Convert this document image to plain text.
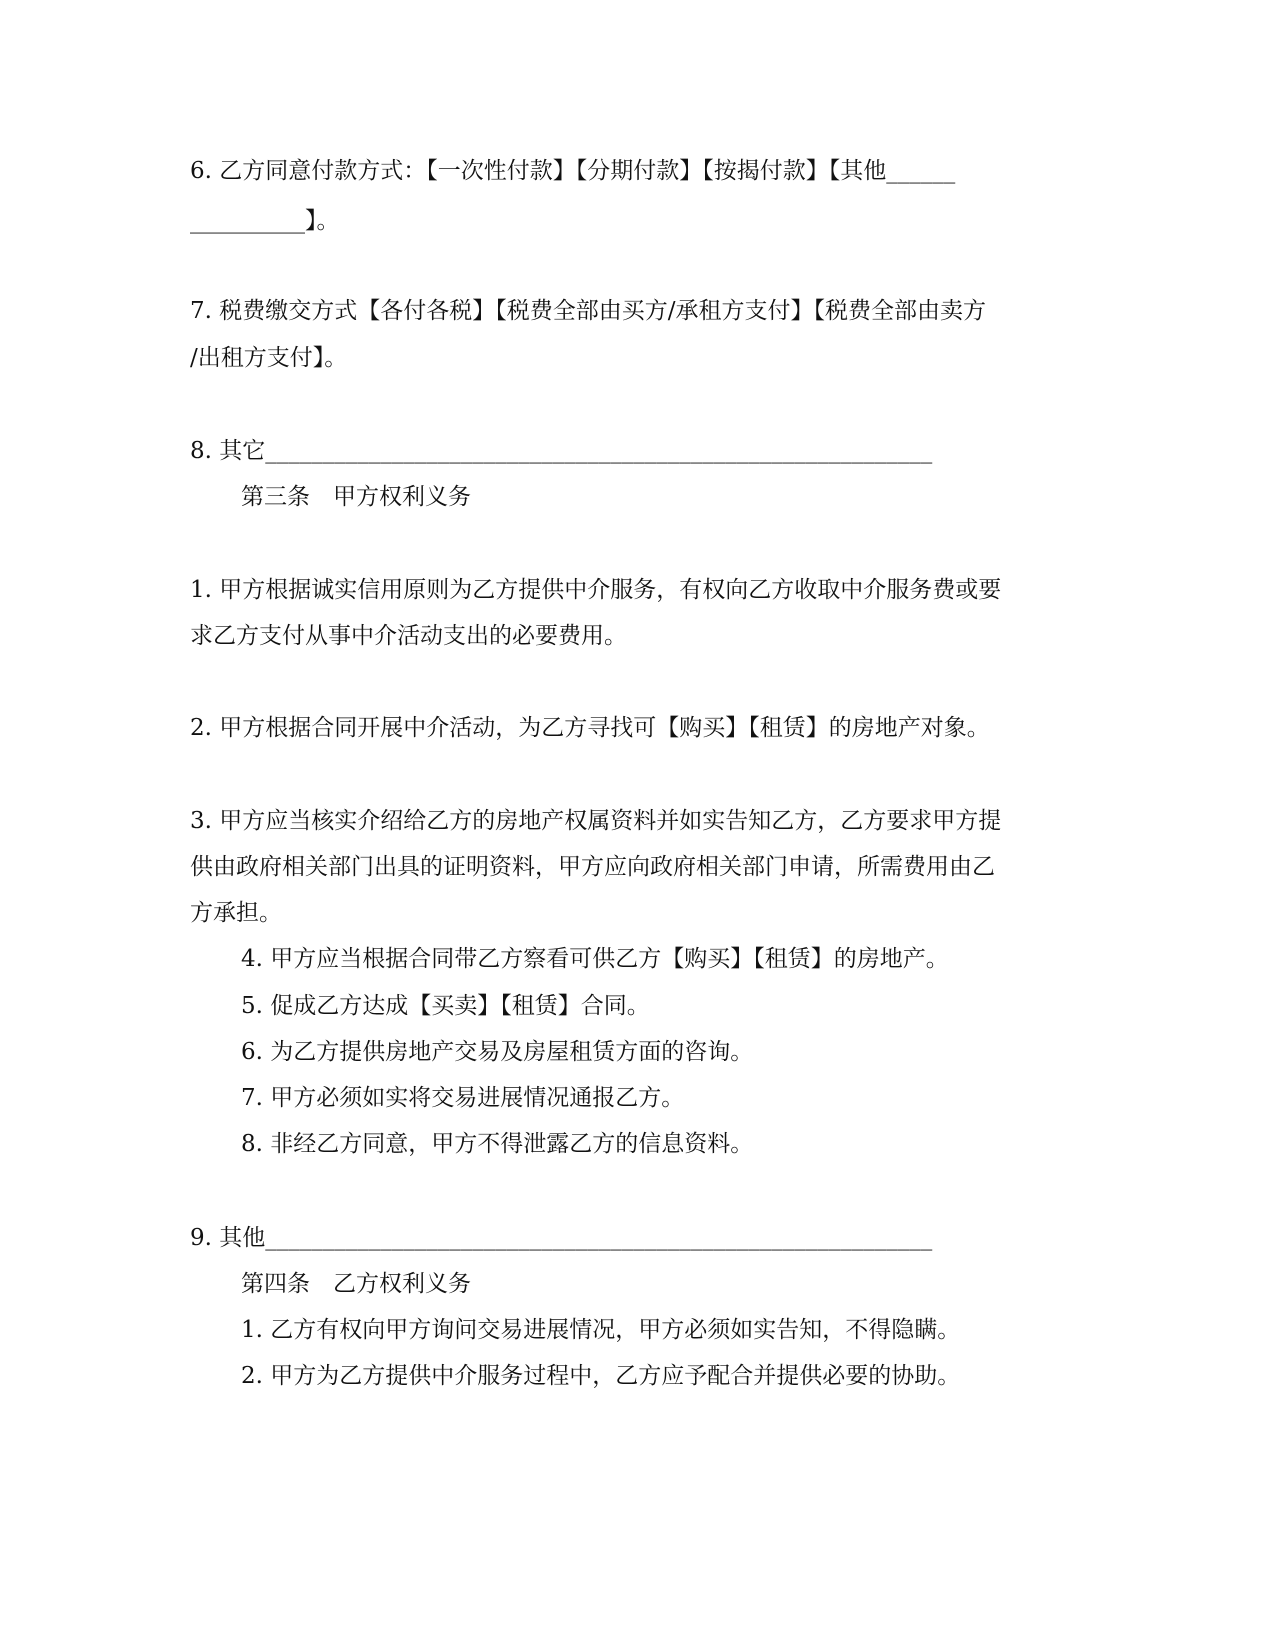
6. 乙方同意付款方式：【一次性付款】【分期付款】【按揭付款】【其他______
__________】。
7. 税费缴交方式【各付各税】【税费全部由买方/承租方支付】【税费全部由卖方
/出租方支付】。
8. 其它__________________________________________________________
第三条　甲方权利义务
1. 甲方根据诚实信用原则为乙方提供中介服务，有权向乙方收取中介服务费或要
求乙方支付从事中介活动支出的必要费用。
2. 甲方根据合同开展中介活动，为乙方寻找可【购买】【租赁】的房地产对象。
3. 甲方应当核实介绍给乙方的房地产权属资料并如实告知乙方，乙方要求甲方提
供由政府相关部门出具的证明资料，甲方应向政府相关部门申请，所需费用由乙
方承担。
4. 甲方应当根据合同带乙方察看可供乙方【购买】【租赁】的房地产。
5. 促成乙方达成【买卖】【租赁】合同。
6. 为乙方提供房地产交易及房屋租赁方面的咨询。
7. 甲方必须如实将交易进展情况通报乙方。
8. 非经乙方同意，甲方不得泄露乙方的信息资料。
9. 其他__________________________________________________________
第四条　乙方权利义务
1. 乙方有权向甲方询问交易进展情况，甲方必须如实告知，不得隐瞒。
2. 甲方为乙方提供中介服务过程中，乙方应予配合并提供必要的协助。
